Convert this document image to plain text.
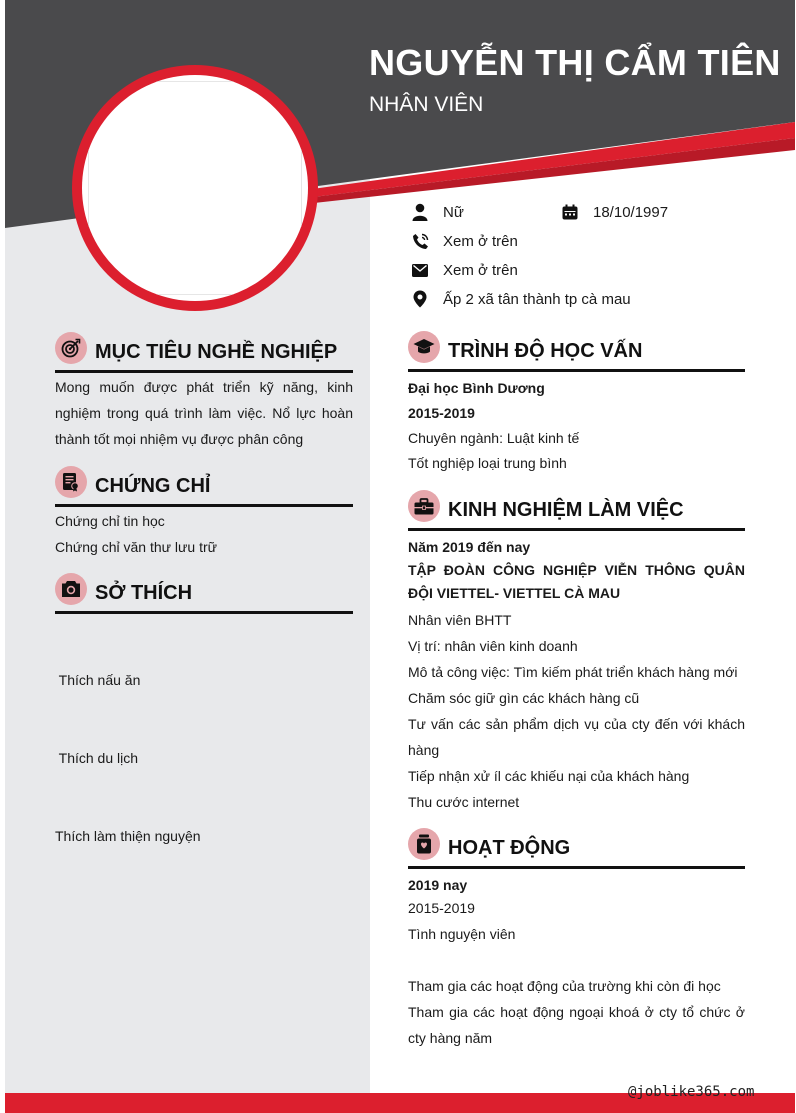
NGUYỄN THỊ CẨM TIÊN
NHÂN VIÊN
Nữ	18/10/1997
Xem ở trên
Xem ở trên
Ấp 2 xã tân thành tp cà mau
MỤC TIÊU NGHỀ NGHIỆP
Mong muốn được phát triển kỹ năng, kinh nghiệm trong quá trình làm việc. Nổ lực hoàn thành tốt mọi nhiệm vụ được phân công
CHỨNG CHỈ
Chứng chỉ tin học
Chứng chỉ văn thư lưu trữ
SỞ THÍCH

Thích nấu ăn

Thích du lịch

Thích làm thiện nguyện

TRÌNH ĐỘ HỌC VẤN
Đại học Bình Dương
2015-2019
Chuyên ngành: Luật kinh tế
Tốt nghiệp loại trung bình
KINH NGHIỆM LÀM VIỆC
Năm 2019 đến nay
TẬP ĐOÀN CÔNG NGHIỆP VIỄN THÔNG QUÂN ĐỘI VIETTEL- VIETTEL CÀ MAU
Nhân viên BHTT
Vị trí: nhân viên kinh doanh
Mô tả công việc: Tìm kiếm phát triển khách hàng mới
Chăm sóc giữ gìn các khách hàng cũ
Tư vấn các sản phẩm dịch vụ của cty đến với khách hàng
Tiếp nhận xử íl các khiếu nại của khách hàng
Thu cước internet
HOẠT ĐỘNG
2019 nay
2015-2019
Tình nguyện viên
Tham gia các hoạt động của trường khi còn đi học
Tham gia các hoạt động ngoại khoá ở cty tổ chức ở cty hàng năm
@joblike365.com
